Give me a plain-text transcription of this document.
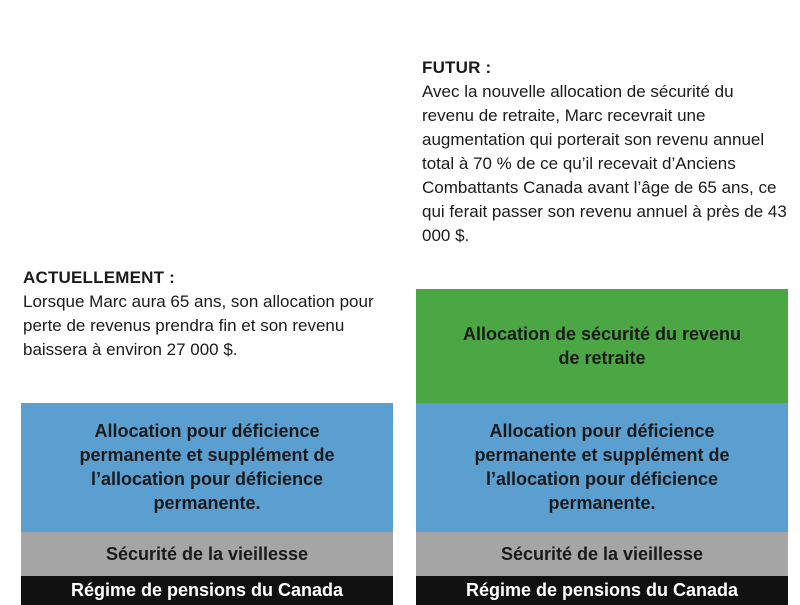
ACTUELLEMENT :
Lorsque Marc aura 65 ans, son allocation pour perte de revenus prendra fin et son revenu baissera à environ 27 000 $.
Régime de pensions du Canada
Sécurité de la vieillesse
Allocation pour déficience permanente et supplément de l’allocation pour déficience permanente.
FUTUR :
Avec la nouvelle allocation de sécurité du revenu de retraite, Marc recevrait une augmentation qui porterait son revenu annuel total à 70 % de ce qu’il recevait d’Anciens Combattants Canada avant l’âge de 65 ans, ce qui ferait passer son revenu annuel à près de 43 000 $.
Régime de pensions du Canada
Sécurité de la vieillesse
Allocation pour déficience permanente et supplément de l’allocation pour déficience permanente.
Allocation de sécurité du revenu de retraite
